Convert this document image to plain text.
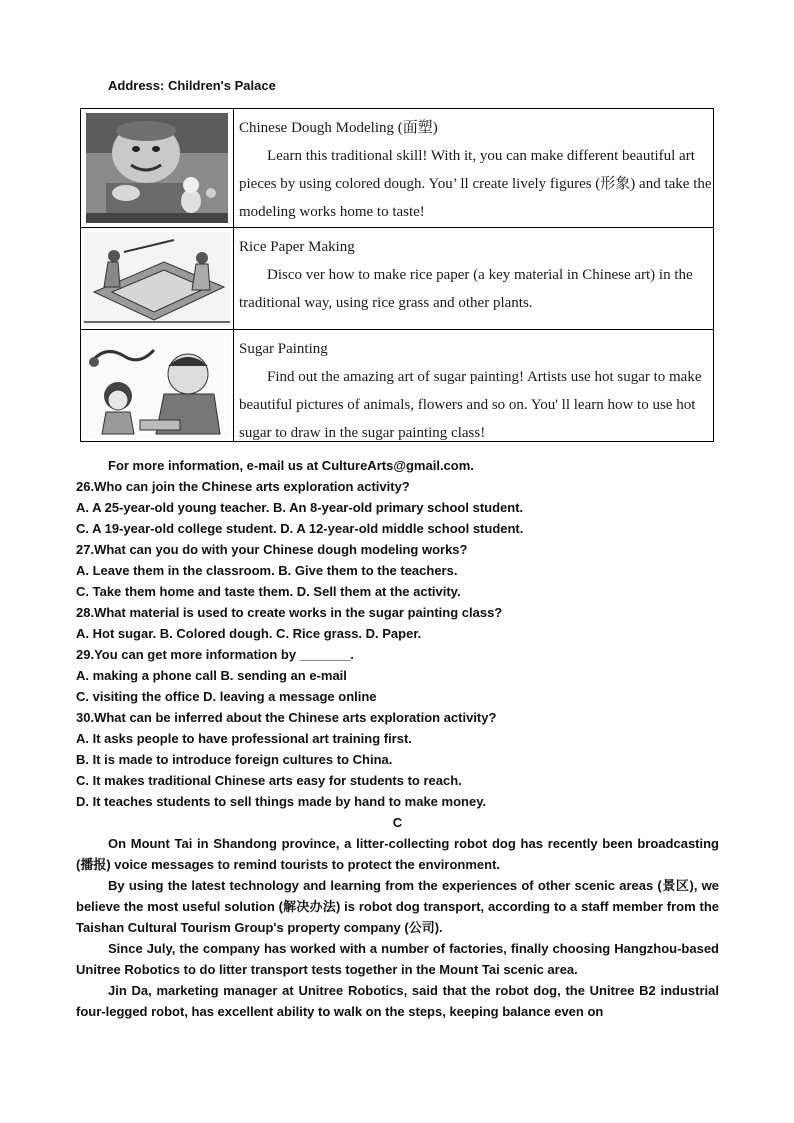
Address: Children's Palace
Chinese Dough Modeling (面塑)
Learn this traditional skill! With it, you can make different beautiful art pieces by using colored dough. You’ ll create lively figures (形象) and take the modeling works home to taste!
Rice Paper Making
Disco ver how to make rice paper (a key material in Chinese art) in the traditional way, using rice grass and other plants.
Sugar Painting
Find out the amazing art of sugar painting! Artists use hot sugar to make beautiful pictures of animals, flowers and so on. You' ll learn how to use hot sugar to draw in the sugar painting class!
For more information, e-mail us at CultureArts@gmail.com.
26.Who can join the Chinese arts exploration activity?
A. A 25-year-old young teacher. B. An 8-year-old primary school student.
C. A 19-year-old college student. D. A 12-year-old middle school student.
27.What can you do with your Chinese dough modeling works?
A. Leave them in the classroom. B. Give them to the teachers.
C. Take them home and taste them. D. Sell them at the activity.
28.What material is used to create works in the sugar painting class?
A. Hot sugar. B. Colored dough. C. Rice grass. D. Paper.
29.You can get more information by _______.
A. making a phone call B. sending an e-mail
C. visiting the office D. leaving a message online
30.What can be inferred about the Chinese arts exploration activity?
A. It asks people to have professional art training first.
B. It is made to introduce foreign cultures to China.
C. It makes traditional Chinese arts easy for students to reach.
D. It teaches students to sell things made by hand to make money.
C
On Mount Tai in Shandong province, a litter-collecting robot dog has recently been broadcasting (播报) voice messages to remind tourists to protect the environment.
By using the latest technology and learning from the experiences of other scenic areas (景区), we believe the most useful solution (解决办法) is robot dog transport, according to a staff member from the Taishan Cultural Tourism Group's property company (公司).
Since July, the company has worked with a number of factories, finally choosing Hangzhou-based Unitree Robotics to do litter transport tests together in the Mount Tai scenic area.
Jin Da, marketing manager at Unitree Robotics, said that the robot dog, the Unitree B2 industrial four-legged robot, has excellent ability to walk on the steps, keeping balance even on
